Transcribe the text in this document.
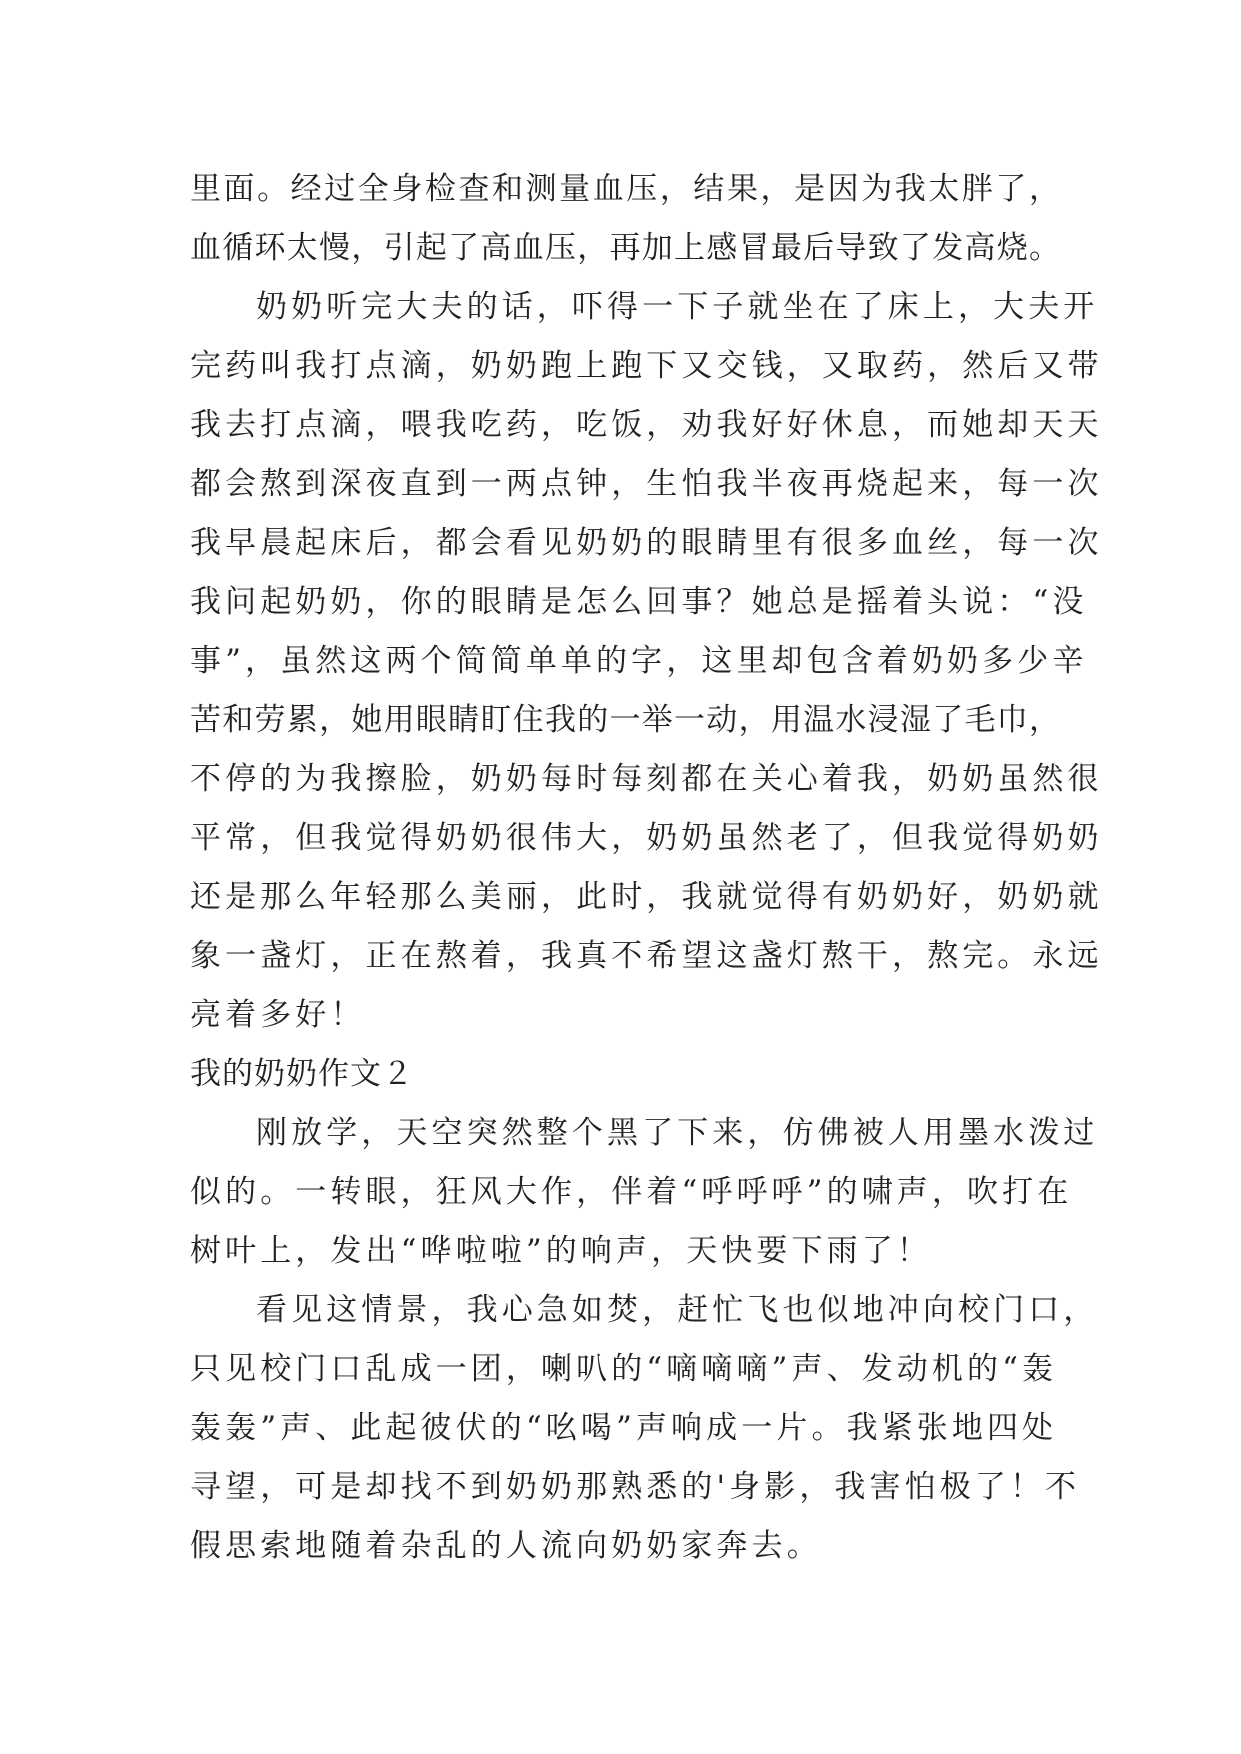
里面。经过全身检查和测量血压，结果，是因为我太胖了，
血循环太慢，引起了高血压，再加上感冒最后导致了发高烧。
奶奶听完大夫的话，吓得一下子就坐在了床上，大夫开
完药叫我打点滴，奶奶跑上跑下又交钱，又取药，然后又带
我去打点滴，喂我吃药，吃饭，劝我好好休息，而她却天天
都会熬到深夜直到一两点钟，生怕我半夜再烧起来，每一次
我早晨起床后，都会看见奶奶的眼睛里有很多血丝，每一次
我问起奶奶，你的眼睛是怎么回事？她总是摇着头说：“没
事”，虽然这两个简简单单的字，这里却包含着奶奶多少辛
苦和劳累，她用眼睛盯住我的一举一动，用温水浸湿了毛巾，
不停的为我擦脸，奶奶每时每刻都在关心着我，奶奶虽然很
平常，但我觉得奶奶很伟大，奶奶虽然老了，但我觉得奶奶
还是那么年轻那么美丽，此时，我就觉得有奶奶好，奶奶就
象一盏灯，正在熬着，我真不希望这盏灯熬干，熬完。永远
亮着多好！
我的奶奶作文２
刚放学，天空突然整个黑了下来，仿佛被人用墨水泼过
似的。一转眼，狂风大作，伴着“呼呼呼”的啸声，吹打在
树叶上，发出“哗啦啦”的响声，天快要下雨了！
看见这情景，我心急如焚，赶忙飞也似地冲向校门口，
只见校门口乱成一团，喇叭的“嘀嘀嘀”声、发动机的“轰
轰轰”声、此起彼伏的“吆喝”声响成一片。我紧张地四处
寻望，可是却找不到奶奶那熟悉的'身影，我害怕极了！不
假思索地随着杂乱的人流向奶奶家奔去。
